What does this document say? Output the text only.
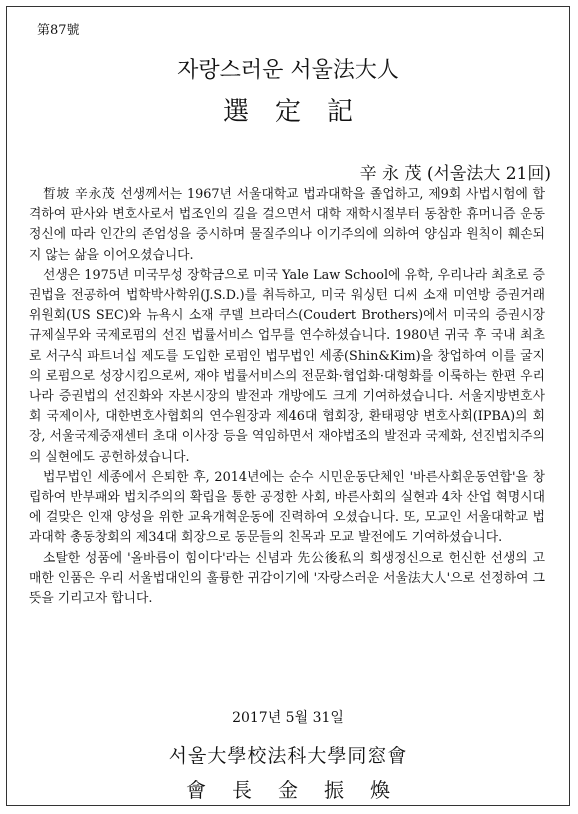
第87號
자랑스러운 서울法大人
選定記
辛 永 茂 (서울法大 21回)

晳坡 辛永茂 선생께서는 1967년 서울대학교 법과대학을 졸업하고, 제9회 사법시험에 합격하여 판사와 변호사로서 법조인의 길을 걸으면서 대학 재학시절부터 동참한 휴머니즘 운동정신에 따라 인간의 존엄성을 중시하며 물질주의나 이기주의에 의하여 양심과 원칙이 훼손되지 않는 삶을 이어오셨습니다.

선생은 1975년 미국무성 장학금으로 미국 Yale Law School에 유학, 우리나라 최초로 증권법을 전공하여 법학박사학위(J.S.D.)를 취득하고, 미국 워싱턴 디씨 소재 미연방 증권거래위원회(US SEC)와 뉴욕시 소재 쿠델 브라더스(Coudert Brothers)에서 미국의 증권시장 규제실무와 국제로펌의 선진 법률서비스 업무를 연수하셨습니다. 1980년 귀국 후 국내 최초로 서구식 파트너십 제도를 도입한 로펌인 법무법인 세종(Shin&Kim)을 창업하여 이를 굴지의 로펌으로 성장시킴으로써, 재야 법률서비스의 전문화·협업화·대형화를 이룩하는 한편 우리나라 증권법의 선진화와 자본시장의 발전과 개방에도 크게 기여하셨습니다. 서울지방변호사회 국제이사, 대한변호사협회의 연수원장과 제46대 협회장, 환태평양 변호사회(IPBA)의 회장, 서울국제중재센터 초대 이사장 등을 역임하면서 재야법조의 발전과 국제화, 선진법치주의의 실현에도 공헌하셨습니다.

법무법인 세종에서 은퇴한 후, 2014년에는 순수 시민운동단체인 '바른사회운동연합'을 창립하여 반부패와 법치주의의 확립을 통한 공정한 사회, 바른사회의 실현과 4차 산업 혁명시대에 걸맞은 인재 양성을 위한 교육개혁운동에 진력하여 오셨습니다. 또, 모교인 서울대학교 법과대학 총동창회의 제34대 회장으로 동문들의 친목과 모교 발전에도 기여하셨습니다.

소탈한 성품에 '올바름이 힘이다'라는 신념과 先公後私의 희생정신으로 헌신한 선생의 고매한 인품은 우리 서울법대인의 훌륭한 귀감이기에 '자랑스러운 서울法大人'으로 선정하여 그 뜻을 기리고자 합니다.

2017년 5월 31일
서울大學校法科大學同窓會
會長金振煥
